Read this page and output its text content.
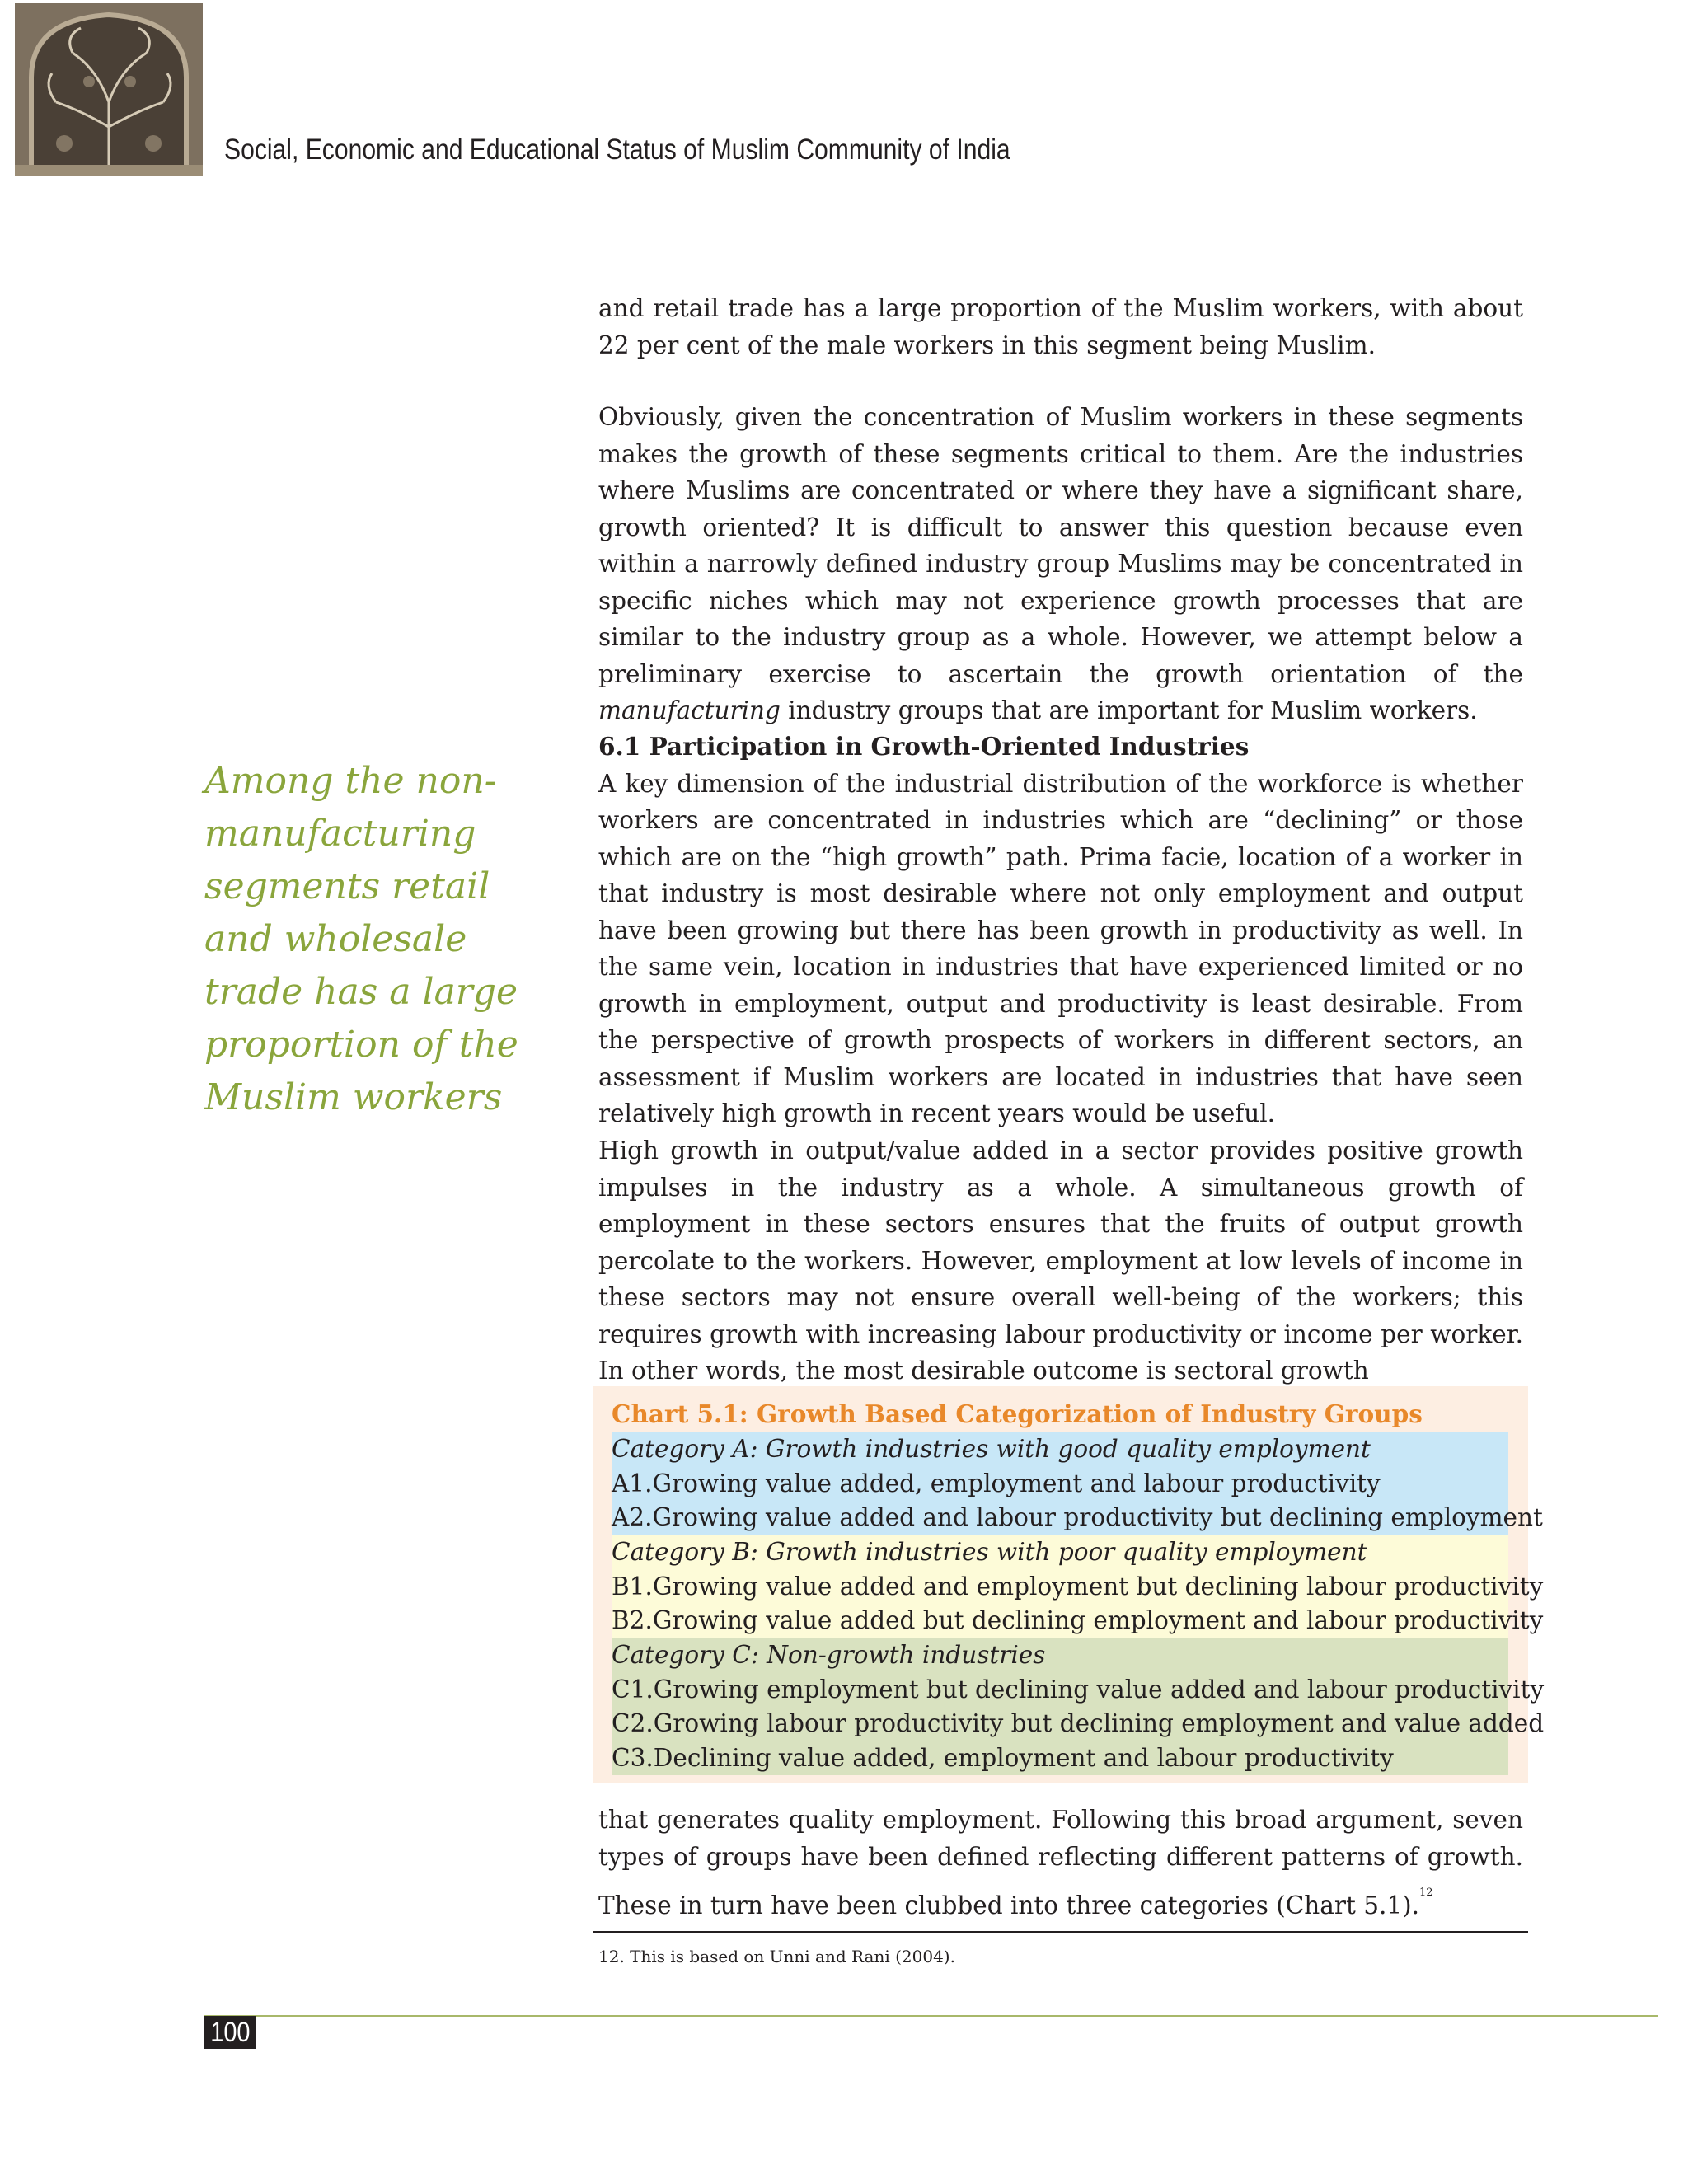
Social, Economic and Educational Status of Muslim Community of India

and retail trade has a large proportion of the Muslim workers, with about 22 per cent of the male workers in this segment being Muslim.

Obviously, given the concentration of Muslim workers in these segments makes the growth of these segments critical to them. Are the industries where Muslims are concentrated or where they have a significant share, growth oriented? It is difficult to answer this question because even within a narrowly defined industry group Muslims may be concentrated in specific niches which may not experience growth processes that are similar to the industry group as a whole. However, we attempt below a preliminary exercise to ascertain the growth orientation of the manufacturing industry groups that are important for Muslim workers.

6.1 Participation in Growth-Oriented Industries

A key dimension of the industrial distribution of the workforce is whether workers are concentrated in industries which are “declining” or those which are on the “high growth” path. Prima facie, location of a worker in that industry is most desirable where not only employment and output have been growing but there has been growth in productivity as well. In the same vein, location in industries that have experienced limited or no growth in employment, output and productivity is least desirable. From the perspective of growth prospects of workers in different sectors, an assessment if Muslim workers are located in industries that have seen relatively high growth in recent years would be useful.

High growth in output/value added in a sector provides positive growth impulses in the industry as a whole. A simultaneous growth of employment in these sectors ensures that the fruits of output growth percolate to the workers. However, employment at low levels of income in these sectors may not ensure overall well-being of the workers; this requires growth with increasing labour productivity or income per worker. In other words, the most desirable outcome is sectoral growth

Among the non-manufacturing segments retail and wholesale trade has a large proportion of the Muslim workers
Chart 5.1: Growth Based Categorization of Industry Groups
Category A: Growth industries with good quality employment
A1.Growing value added, employment and labour productivity
A2.Growing value added and labour productivity but declining employment
Category B: Growth industries with poor quality employment
B1.Growing value added and employment but declining labour productivity
B2.Growing value added but declining employment and labour productivity
Category C: Non-growth industries
C1.Growing employment but declining value added and labour productivity
C2.Growing labour productivity but declining employment and value added
C3.Declining value added, employment and labour productivity

that generates quality employment. Following this broad argument, seven types of groups have been defined reflecting different patterns of growth. These in turn have been clubbed into three categories (Chart 5.1).$^{12}$

12. This is based on Unni and Rani (2004).
100
